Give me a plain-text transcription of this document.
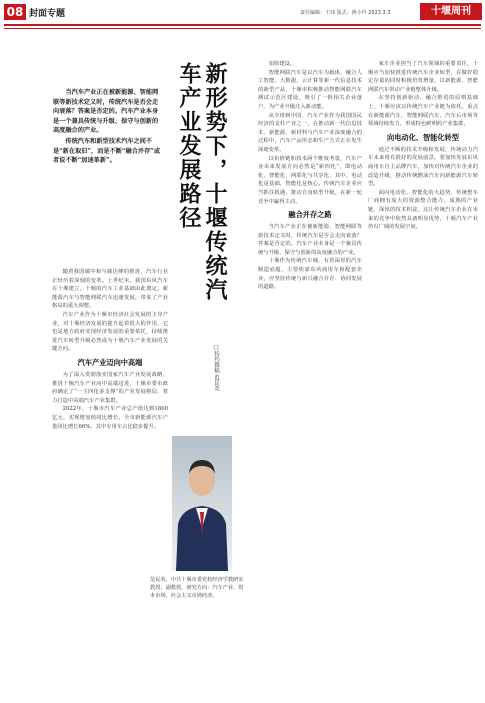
08 封面专题	责任编辑：王玮 版式：蒋小玲 2023.3.3	十堰周刊

当汽车产业正在被新能源、智能网联等新技术定义时，传统汽车是否会走向衰落？答案是否定的。汽车产业本身是一个兼具传统与升级、保守与创新的高度融合的产业。

传统汽车和新型技术汽车之间不是“新在取旧”，而是不断“融合并存”或者说不断“加速革新”。	新形势下，十堰传统汽车产业发展路径
□特约撰稿 范民英

随着我国碳中和与碳达峰的推进，汽车行业正经历着深刻的变革。上世纪末，我国东风汽车在十堰建立，十堰的汽车工业基础由此奠定。新能源汽车与智能网联汽车迅速发展，带来了产业格局的重大调整。

汽车产业作为十堰市经济社会发展的主导产业，对十堰经济发展的提升起着很大的作用，它也是地方政府实现经济发展的重要依托，持续推进汽车转型升级必然成为十堰汽车产业发展的关键方向。

汽车产业迈向中高端

为了深入贯彻落实国家汽车产业发展战略，推进十堰汽车产业向中高端迈进，十堰市委市政府确定了“一主四化多支撑”的产业发展格局，着力打造中高端汽车产业集群。

2022年，十堰市汽车产业总产值达到1800亿元，实现增加值同比增长，全市新能源汽车产量同比增长66%，其中专用车占比稳步提升。

范民英，中共十堰市委党校经济学教研室教授、副教授，研究方向：汽车产业、资本市场、社会主义市场经济。

加快建设。

智能网联汽车是以汽车为载体，融合人工智能、大数据、云计算等新一代信息技术的新型产品，十堰市积极推动智能网联汽车测试示范区建设，吸引了一批相关企业落户，为产业升级注入新动能。

从全球到中国，汽车产业作为我国国民经济的支柱产业之一，在推动新一代信息技术、新能源、新材料与汽车产业深度融合的过程中，汽车产品形态和生产方式正在发生深刻变革。

以价值链和技术两个维度考量，汽车产业未来发展方向必然是“新四化”，即电动化、智能化、网联化与共享化，其中，电动化是基础，智能化是核心。传统汽车企业应当抓住机遇，推动自身转型升级，在新一轮竞争中赢得主动。

融合并存之路

当汽车产业正在被新能源、智能网联等新技术定义时，传统汽车是否会走向衰落？答案是否定的。汽车产业本身是一个兼具传统与升级、保守与创新的高度融合的产业。

十堰作为传统汽车城，有着深厚的汽车制造底蕴，主要依靠东风商用车和配套企业，应坚持传统与新兴融合并存、协同发展的道路。

家车企业担当了汽车领域的重要责任，十堰应当加快推进传统汽车企业转型，在做好稳定存量的同时积极培育增量，以新能源、智能网联汽车带动产业链整体升级。

在坚持创新驱动、融合推进的原则基础上，十堰应该以传统汽车产业链为依托，重点在新能源汽车、智能网联汽车、汽车后市场等领域持续发力，形成特色鲜明的产业集群。

向电动化、智能化转型

通过不断的技术升级和发展，传统动力汽车未来将有很好的发展前景。要加快发展东风商用车自主品牌汽车，加快对传统汽车企业的改造升级，推动传统燃油汽车向新能源汽车转型。

面向电动化、智能化的大趋势，传统整车厂商拥有庞大的资源整合能力、成熟的产业链、深厚的技术积淀。这让传统汽车企业在未来的竞争中依然具备明显优势，十堰汽车产业仍有广阔的发展空间。
